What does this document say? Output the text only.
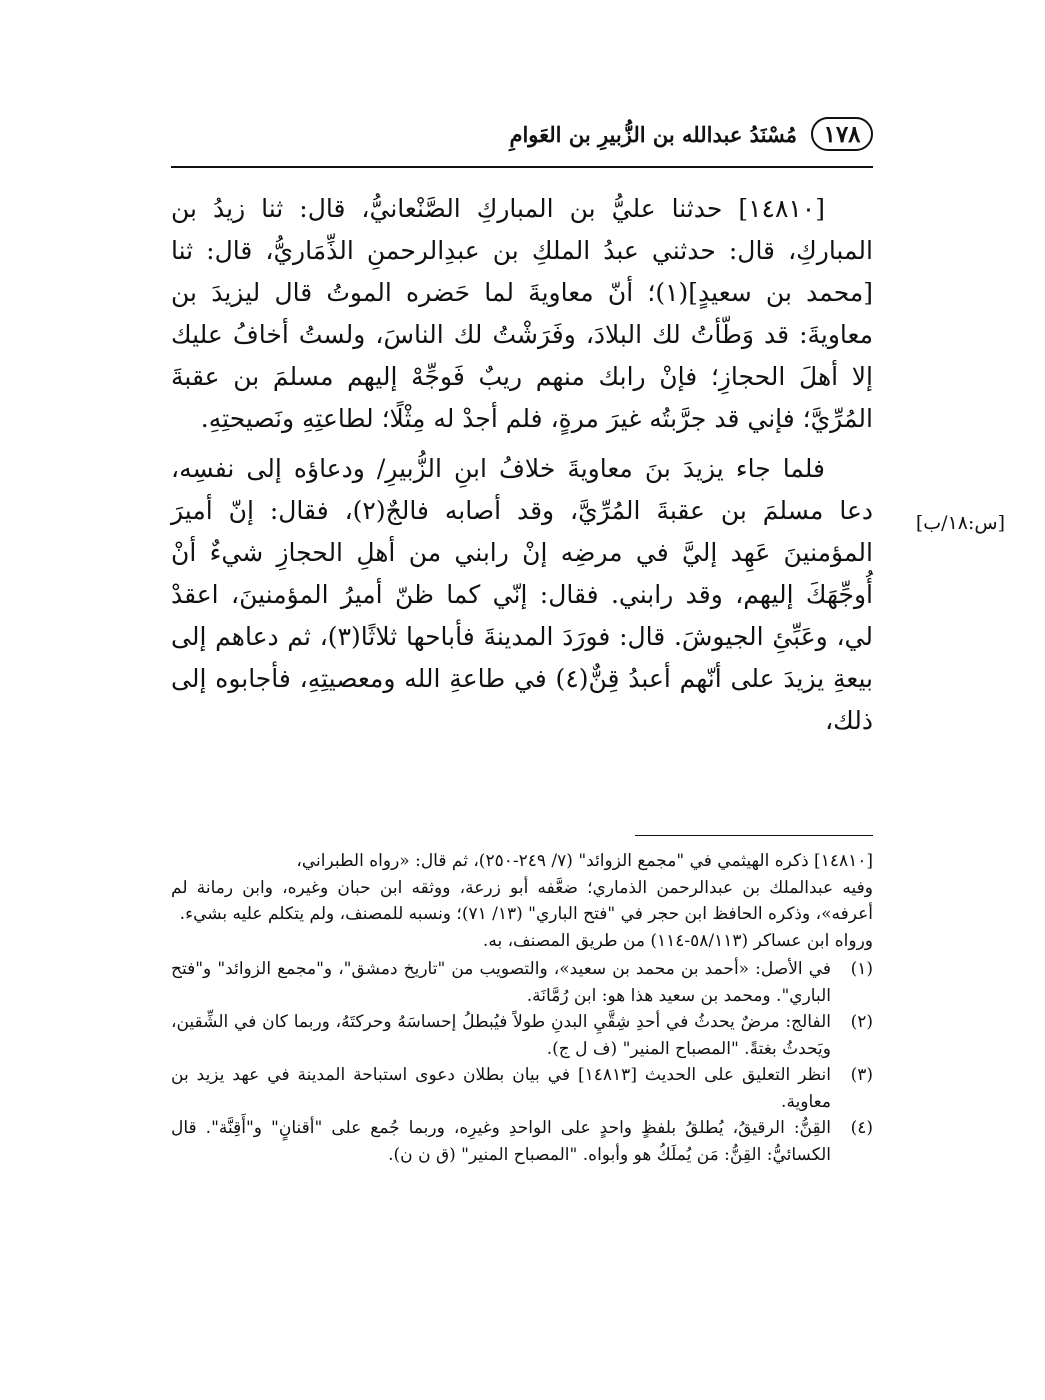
١٧٨
مُسْنَدُ عبدالله بن الزُّبيرِ بن العَوامِ
[س:١٨/ب]

[١٤٨١٠] حدثنا عليُّ بن المباركِ الصَّنْعانيُّ، قال: ثنا زيدُ بن المباركِ، قال: حدثني عبدُ الملكِ بن عبدِالرحمنِ الذِّمَاريُّ، قال: ثنا [محمد بن سعيدٍ](١)؛ أنّ معاويةَ لما حَضره الموتُ قال ليزيدَ بن معاويةَ: قد وَطّأتُ لك البلادَ، وفَرَشْتُ لك الناسَ، ولستُ أخافُ عليك إلا أهلَ الحجازِ؛ فإنْ رابك منهم ريبٌ فَوجِّهْ إليهم مسلمَ بن عقبةَ المُرِّيَّ؛ فإني قد جرَّبتُه غيرَ مرةٍ، فلم أجدْ له مِثْلًا؛ لطاعتِهِ ونَصيحتِهِ.

فلما جاء يزيدَ بنَ معاويةَ خلافُ ابنِ الزُّبيرِ/ ودعاؤه إلى نفسِه، دعا مسلمَ بن عقبةَ المُرِّيَّ، وقد أصابه فالجٌ(٢)، فقال: إنّ أميرَ المؤمنينَ عَهِد إليَّ في مرضِه إنْ رابني من أهلِ الحجازِ شيءٌ أنْ أُوجِّهَكَ إليهم، وقد رابني. فقال: إنّي كما ظنّ أميرُ المؤمنينَ، اعقدْ لي، وعَبِّئِ الجيوشَ. قال: فورَدَ المدينةَ فأباحها ثلاثًا(٣)، ثم دعاهم إلى بيعةِ يزيدَ على أنّهم أعبدُ قِنٌّ(٤) في طاعةِ الله ومعصيتِهِ، فأجابوه إلى ذلك،

[١٤٨١٠] ذكره الهيثمي في "مجمع الزوائد" (٧/ ٢٤٩-٢٥٠)، ثم قال: «رواه الطبراني،

وفيه عبدالملك بن عبدالرحمن الذماري؛ ضعَّفه أبو زرعة، ووثقه ابن حبان وغيره، وابن رمانة لم أعرفه»، وذكره الحافظ ابن حجر في "فتح الباري" (١٣/ ٧١)؛ ونسبه للمصنف، ولم يتكلم عليه بشيء.

ورواه ابن عساكر (٥٨/١١٣-١١٤) من طريق المصنف، به.

(١)
في الأصل: «أحمد بن محمد بن سعيد»، والتصويب من "تاريخ دمشق"، و"مجمع الزوائد" و"فتح الباري". ومحمد بن سعيد هذا هو: ابن رُمَّانَة.
(٢)
الفالج: مرضٌ يحدثُ في أحدِ شِقَّيِ البدنِ طولاً فيُبطلُ إحساسَهُ وحركتَهُ، وربما كان في الشِّقين، ويَحدثُ بغتةً. "المصباح المنير" (ف ل ج).
(٣)
انظر التعليق على الحديث [١٤٨١٣] في بيان بطلان دعوى استباحة المدينة في عهد يزيد بن معاوية.
(٤)
القِنُّ: الرقيقُ، يُطلقُ بلفظٍ واحدٍ على الواحدِ وغيرِه، وربما جُمع على "أقنانٍ" و"أَقِنَّة". قال الكسائيُّ: القِنُّ: مَن يُملَكُ هو وأبواه. "المصباح المنير" (ق ن ن).
